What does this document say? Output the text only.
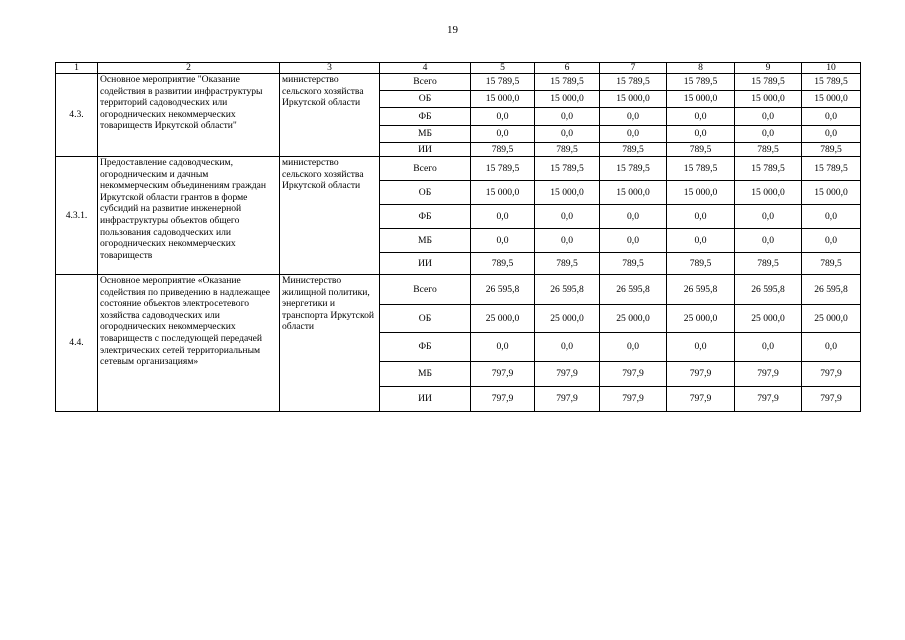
19
1	2	3	4	5	6	7	8	9	10
4.3.	Основное мероприятие "Оказание содействия в развитии инфраструктуры территорий садоводческих или огороднических некоммерческих товариществ Иркутской области"	министерство сельского хозяйства Иркутской области	Всего	15 789,5	15 789,5	15 789,5	15 789,5	15 789,5	15 789,5
			ОБ	15 000,0	15 000,0	15 000,0	15 000,0	15 000,0	15 000,0
			ФБ	0,0	0,0	0,0	0,0	0,0	0,0
			МБ	0,0	0,0	0,0	0,0	0,0	0,0
			ИИ	789,5	789,5	789,5	789,5	789,5	789,5
4.3.1.	Предоставление садоводческим, огородническим и дачным некоммерческим объединениям граждан Иркутской области грантов в форме субсидий на развитие инженерной инфраструктуры объектов общего пользования садоводческих или огороднических некоммерческих товариществ	министерство сельского хозяйства Иркутской области	Всего	15 789,5	15 789,5	15 789,5	15 789,5	15 789,5	15 789,5
			ОБ	15 000,0	15 000,0	15 000,0	15 000,0	15 000,0	15 000,0
			ФБ	0,0	0,0	0,0	0,0	0,0	0,0
			МБ	0,0	0,0	0,0	0,0	0,0	0,0
			ИИ	789,5	789,5	789,5	789,5	789,5	789,5
4.4.	Основное мероприятие «Оказание содействия по приведению в надлежащее состояние объектов электросетевого хозяйства садоводческих или огороднических некоммерческих товариществ с последующей передачей электрических сетей территориальным сетевым организациям»	Министерство жилищной политики, энергетики и транспорта Иркутской области	Всего	26 595,8	26 595,8	26 595,8	26 595,8	26 595,8	26 595,8
			ОБ	25 000,0	25 000,0	25 000,0	25 000,0	25 000,0	25 000,0
			ФБ	0,0	0,0	0,0	0,0	0,0	0,0
			МБ	797,9	797,9	797,9	797,9	797,9	797,9
			ИИ	797,9	797,9	797,9	797,9	797,9	797,9
